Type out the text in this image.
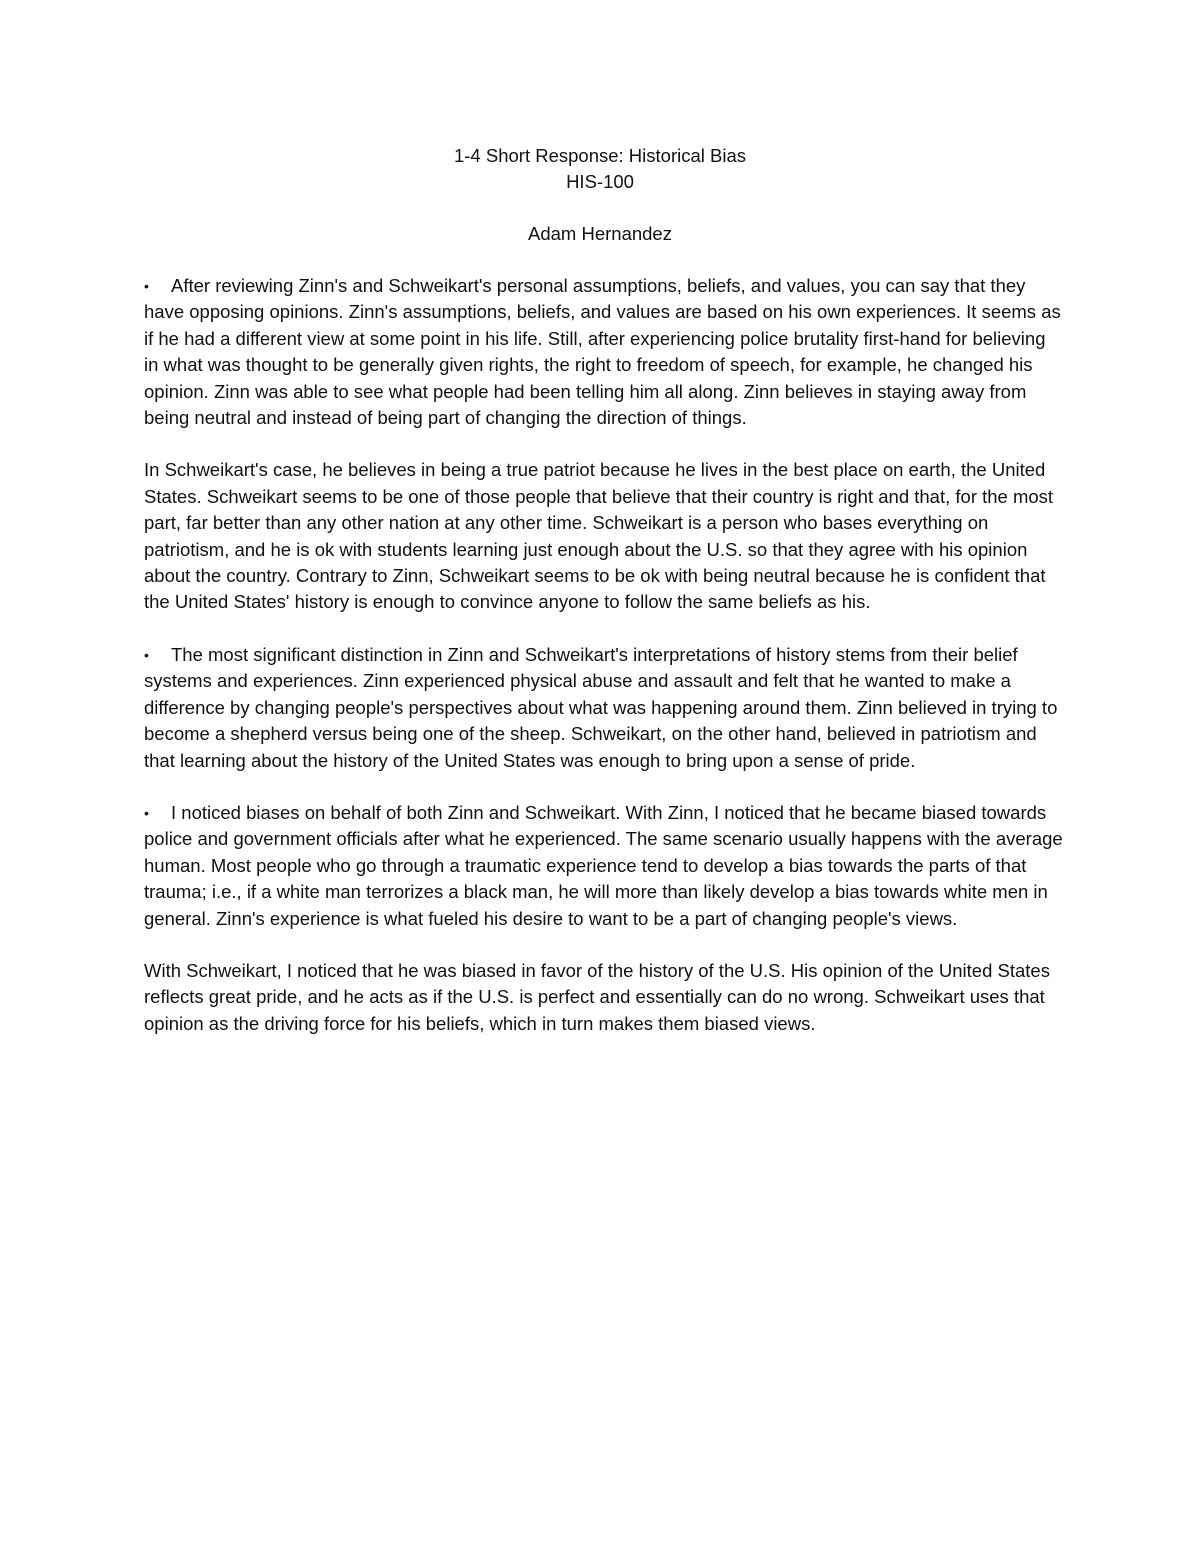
1-4 Short Response: Historical Bias
HIS-100
Adam Hernandez

• After reviewing Zinn's and Schweikart's personal assumptions, beliefs, and values, you can say that they have opposing opinions. Zinn's assumptions, beliefs, and values are based on his own experiences. It seems as if he had a different view at some point in his life. Still, after experiencing police brutality first-hand for believing in what was thought to be generally given rights, the right to freedom of speech, for example, he changed his opinion. Zinn was able to see what people had been telling him all along. Zinn believes in staying away from being neutral and instead of being part of changing the direction of things.

In Schweikart's case, he believes in being a true patriot because he lives in the best place on earth, the United States. Schweikart seems to be one of those people that believe that their country is right and that, for the most part, far better than any other nation at any other time. Schweikart is a person who bases everything on patriotism, and he is ok with students learning just enough about the U.S. so that they agree with his opinion about the country. Contrary to Zinn, Schweikart seems to be ok with being neutral because he is confident that the United States' history is enough to convince anyone to follow the same beliefs as his.

• The most significant distinction in Zinn and Schweikart's interpretations of history stems from their belief systems and experiences. Zinn experienced physical abuse and assault and felt that he wanted to make a difference by changing people's perspectives about what was happening around them. Zinn believed in trying to become a shepherd versus being one of the sheep. Schweikart, on the other hand, believed in patriotism and that learning about the history of the United States was enough to bring upon a sense of pride.

• I noticed biases on behalf of both Zinn and Schweikart. With Zinn, I noticed that he became biased towards police and government officials after what he experienced. The same scenario usually happens with the average human. Most people who go through a traumatic experience tend to develop a bias towards the parts of that trauma; i.e., if a white man terrorizes a black man, he will more than likely develop a bias towards white men in general. Zinn's experience is what fueled his desire to want to be a part of changing people's views.

With Schweikart, I noticed that he was biased in favor of the history of the U.S. His opinion of the United States reflects great pride, and he acts as if the U.S. is perfect and essentially can do no wrong. Schweikart uses that opinion as the driving force for his beliefs, which in turn makes them biased views.
